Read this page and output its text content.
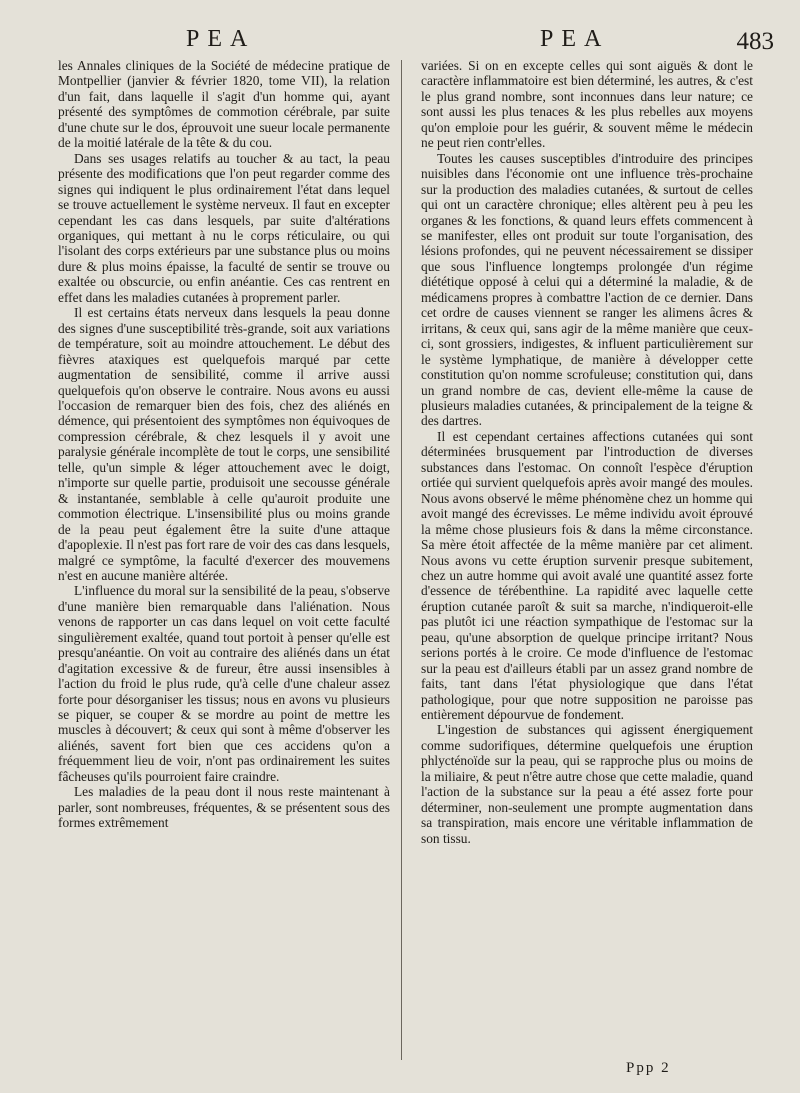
PEA	PEA	483

les Annales cliniques de la Société de médecine pratique de Montpellier (janvier & février 1820, tome VII), la relation d'un fait, dans laquelle il s'agit d'un homme qui, ayant présenté des symptômes de commotion cérébrale, par suite d'une chute sur le dos, éprouvoit une sueur locale permanente de la moitié latérale de la tête & du cou.

Dans ses usages relatifs au toucher & au tact, la peau présente des modifications que l'on peut regarder comme des signes qui indiquent le plus ordinairement l'état dans lequel se trouve actuellement le système nerveux. Il faut en excepter cependant les cas dans lesquels, par suite d'altérations organiques, qui mettant à nu le corps réticulaire, ou qui l'isolant des corps extérieurs par une substance plus ou moins dure & plus moins épaisse, la faculté de sentir se trouve ou exaltée ou obscurcie, ou enfin anéantie. Ces cas rentrent en effet dans les maladies cutanées à proprement parler.

Il est certains états nerveux dans lesquels la peau donne des signes d'une susceptibilité très-grande, soit aux variations de température, soit au moindre attouchement. Le début des fièvres ataxiques est quelquefois marqué par cette augmentation de sensibilité, comme il arrive aussi quelquefois qu'on observe le contraire. Nous avons eu aussi l'occasion de remarquer bien des fois, chez des aliénés en démence, qui présentoient des symptômes non équivoques de compression cérébrale, & chez lesquels il y avoit une paralysie générale incomplète de tout le corps, une sensibilité telle, qu'un simple & léger attouchement avec le doigt, n'importe sur quelle partie, produisoit une secousse générale & instantanée, semblable à celle qu'auroit produite une commotion électrique. L'insensibilité plus ou moins grande de la peau peut également être la suite d'une attaque d'apoplexie. Il n'est pas fort rare de voir des cas dans lesquels, malgré ce symptôme, la faculté d'exercer des mouvemens n'est en aucune manière altérée.

L'influence du moral sur la sensibilité de la peau, s'observe d'une manière bien remarquable dans l'aliénation. Nous venons de rapporter un cas dans lequel on voit cette faculté singulièrement exaltée, quand tout portoit à penser qu'elle est presqu'anéantie. On voit au contraire des aliénés dans un état d'agitation excessive & de fureur, être aussi insensibles à l'action du froid le plus rude, qu'à celle d'une chaleur assez forte pour désorganiser les tissus; nous en avons vu plusieurs se piquer, se couper & se mordre au point de mettre les muscles à découvert; & ceux qui sont à même d'observer les aliénés, savent fort bien que ces accidens qu'on a fréquemment lieu de voir, n'ont pas ordinairement les suites fâcheuses qu'ils pourroient faire craindre.

Les maladies de la peau dont il nous reste maintenant à parler, sont nombreuses, fréquentes, & se présentent sous des formes extrêmement

variées. Si on en excepte celles qui sont aiguës & dont le caractère inflammatoire est bien déterminé, les autres, & c'est le plus grand nombre, sont inconnues dans leur nature; ce sont aussi les plus tenaces & les plus rebelles aux moyens qu'on emploie pour les guérir, & souvent même le médecin ne peut rien contr'elles.

Toutes les causes susceptibles d'introduire des principes nuisibles dans l'économie ont une influence très-prochaine sur la production des maladies cutanées, & surtout de celles qui ont un caractère chronique; elles altèrent peu à peu les organes & les fonctions, & quand leurs effets commencent à se manifester, elles ont produit sur toute l'organisation, des lésions profondes, qui ne peuvent nécessairement se dissiper que sous l'influence longtemps prolongée d'un régime diététique opposé à celui qui a déterminé la maladie, & de médicamens propres à combattre l'action de ce dernier. Dans cet ordre de causes viennent se ranger les alimens âcres & irritans, & ceux qui, sans agir de la même manière que ceux-ci, sont grossiers, indigestes, & influent particulièrement sur le système lymphatique, de manière à développer cette constitution qu'on nomme scrofuleuse; constitution qui, dans un grand nombre de cas, devient elle-même la cause de plusieurs maladies cutanées, & principalement de la teigne & des dartres.

Il est cependant certaines affections cutanées qui sont déterminées brusquement par l'introduction de diverses substances dans l'estomac. On connoît l'espèce d'éruption ortiée qui survient quelquefois après avoir mangé des moules. Nous avons observé le même phénomène chez un homme qui avoit mangé des écrevisses. Le même individu avoit éprouvé la même chose plusieurs fois & dans la même circonstance. Sa mère étoit affectée de la même manière par cet aliment. Nous avons vu cette éruption survenir presque subitement, chez un autre homme qui avoit avalé une quantité assez forte d'essence de térébenthine. La rapidité avec laquelle cette éruption cutanée paroît & suit sa marche, n'indiqueroit-elle pas plutôt ici une réaction sympathique de l'estomac sur la peau, qu'une absorption de quelque principe irritant? Nous serions portés à le croire. Ce mode d'influence de l'estomac sur la peau est d'ailleurs établi par un assez grand nombre de faits, tant dans l'état physiologique que dans l'état pathologique, pour que notre supposition ne paroisse pas entièrement dépourvue de fondement.

L'ingestion de substances qui agissent énergiquement comme sudorifiques, détermine quelquefois une éruption phlycténoïde sur la peau, qui se rapproche plus ou moins de la miliaire, & peut n'être autre chose que cette maladie, quand l'action de la substance sur la peau a été assez forte pour déterminer, non-seulement une prompte augmentation dans sa transpiration, mais encore une véritable inflammation de son tissu.

Ppp 2
